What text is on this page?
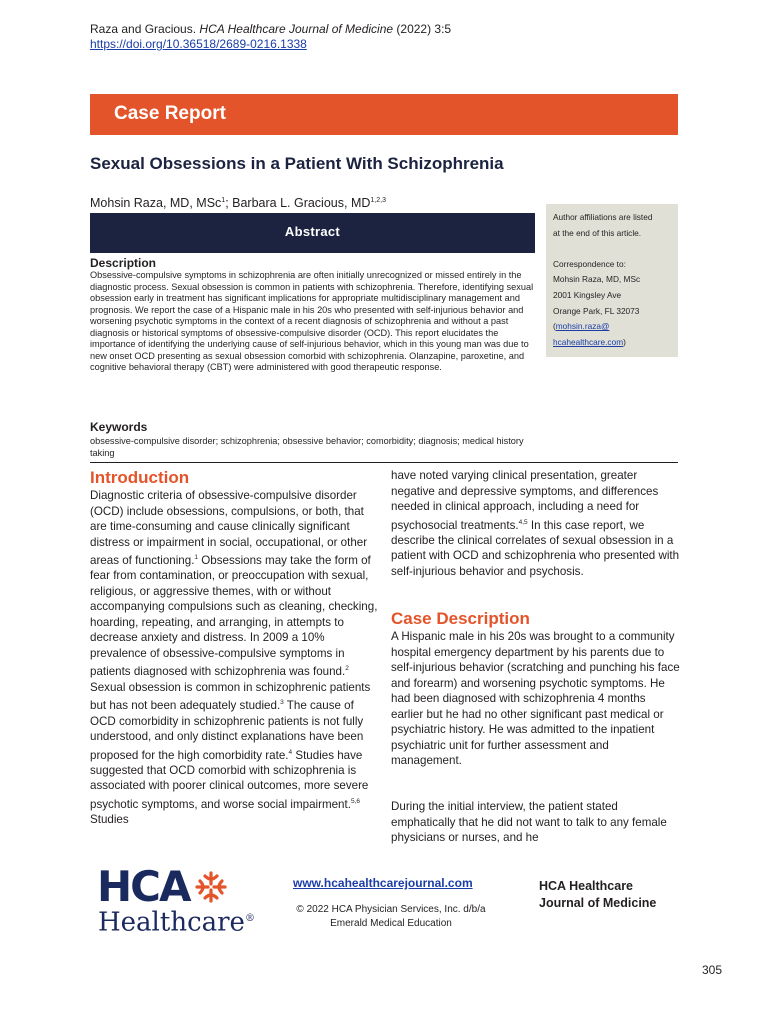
Raza and Gracious. HCA Healthcare Journal of Medicine (2022) 3:5
https://doi.org/10.36518/2689-0216.1338
Case Report
Sexual Obsessions in a Patient With Schizophrenia
Mohsin Raza, MD, MSc$^1$; Barbara L. Gracious, MD$^{1,2,3}$
Abstract
Author affiliations are listed
at the end of this article.
Correspondence to:
Mohsin Raza, MD, MSc
2001 Kingsley Ave
Orange Park, FL 32073
(mohsin.raza@
hcahealthcare.com)
Description
Obsessive-compulsive symptoms in schizophrenia are often initially unrecognized or missed entirely in the diagnostic process. Sexual obsession is common in patients with schizophrenia. Therefore, identifying sexual obsession early in treatment has significant implications for appropriate multidisciplinary management and prognosis. We report the case of a Hispanic male in his 20s who presented with self-injurious behavior and worsening psychotic symptoms in the context of a recent diagnosis of schizophrenia and without a past diagnosis or historical symptoms of obsessive-compulsive disorder (OCD). This report elucidates the importance of identifying the underlying cause of self-injurious behavior, which in this young man was due to new onset OCD presenting as sexual obsession comorbid with schizophrenia. Olanzapine, paroxetine, and cognitive behavioral therapy (CBT) were administered with good therapeutic response.
Keywords
obsessive-compulsive disorder; schizophrenia; obsessive behavior; comorbidity; diagnosis; medical history taking
Introduction
Diagnostic criteria of obsessive-compulsive disorder (OCD) include obsessions, compulsions, or both, that are time-consuming and cause clinically significant distress or impairment in social, occupational, or other areas of functioning.$^1$ Obsessions may take the form of fear from contamination, or preoccupation with sexual, religious, or aggressive themes, with or without accompanying compulsions such as cleaning, checking, hoarding, repeating, and arranging, in attempts to decrease anxiety and distress. In 2009 a 10% prevalence of obsessive-compulsive symptoms in patients diagnosed with schizophrenia was found.$^2$ Sexual obsession is common in schizophrenic patients but has not been adequately studied.$^3$ The cause of OCD comorbidity in schizophrenic patients is not fully understood, and only distinct explanations have been proposed for the high comorbidity rate.$^4$ Studies have suggested that OCD comorbid with schizophrenia is associated with poorer clinical outcomes, more severe psychotic symptoms, and worse social impairment.$^{5,6}$ Studies
have noted varying clinical presentation, greater negative and depressive symptoms, and differences needed in clinical approach, including a need for psychosocial treatments.$^{4,5}$ In this case report, we describe the clinical correlates of sexual obsession in a patient with OCD and schizophrenia who presented with self-injurious behavior and psychosis.
Case Description
A Hispanic male in his 20s was brought to a community hospital emergency department by his parents due to self-injurious behavior (scratching and punching his face and forearm) and worsening psychotic symptoms. He had been diagnosed with schizophrenia 4 months earlier but he had no other significant past medical or psychiatric history. He was admitted to the inpatient psychiatric unit for further assessment and management.
During the initial interview, the patient stated emphatically that he did not want to talk to any female physicians or nurses, and he
HCA
Healthcare®
www.hcahealthcarejournal.com
© 2022 HCA Physician Services, Inc. d/b/a Emerald Medical Education
HCA Healthcare
Journal of Medicine
305
